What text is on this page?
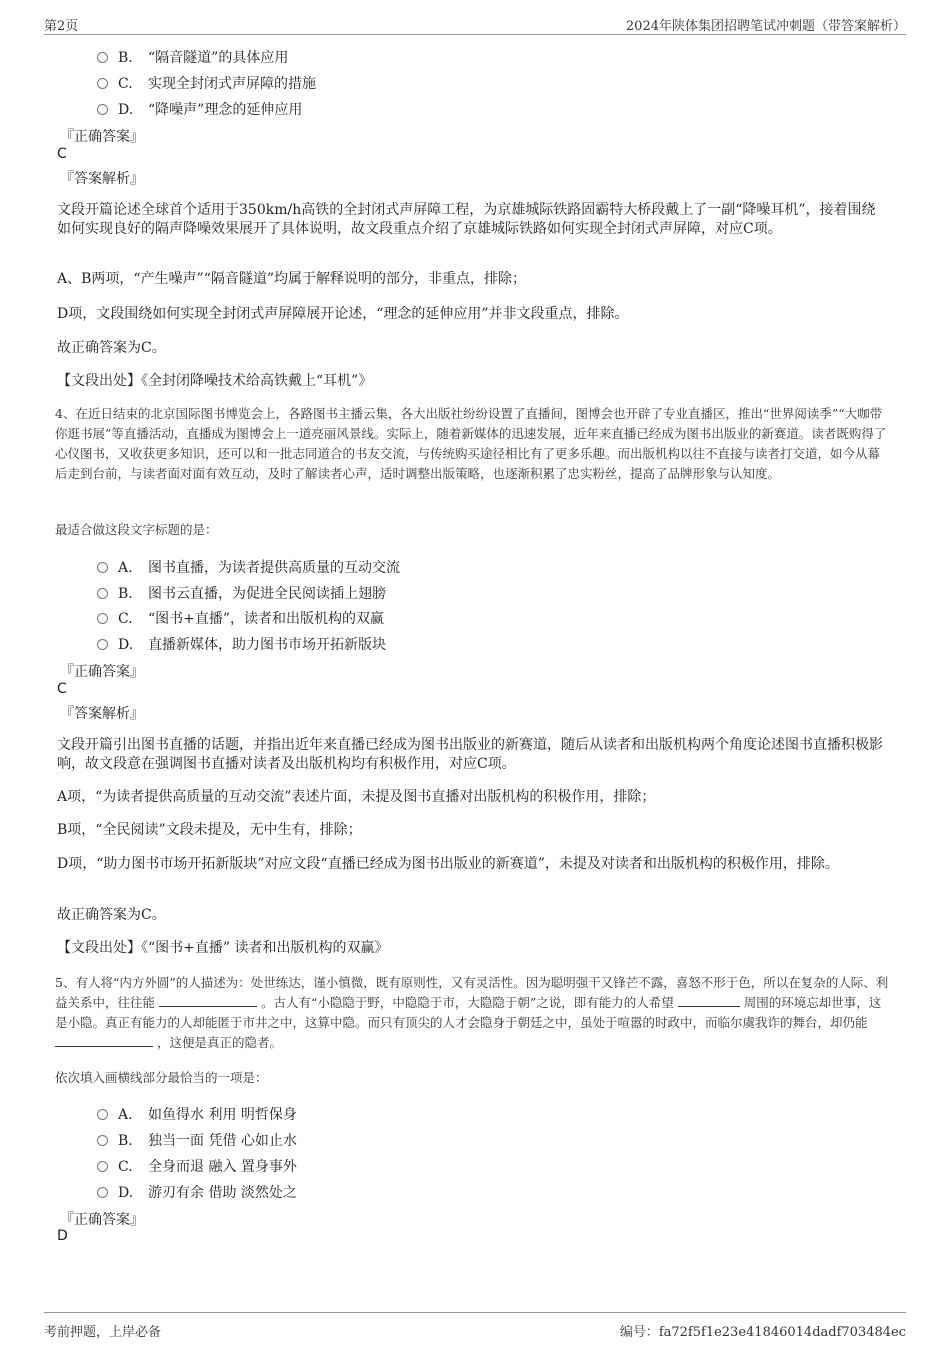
第2页	2024年陕体集团招聘笔试冲刺题（带答案解析）
B. “隔音隧道”的具体应用
C. 实现全封闭式声屏障的措施
D. “降噪声”理念的延伸应用
『正确答案』
C
『答案解析』
文段开篇论述全球首个适用于350km/h高铁的全封闭式声屏障工程，为京雄城际铁路固霸特大桥段戴上了一副“降噪耳机”，接着围绕如何实现良好的隔声降噪效果展开了具体说明，故文段重点介绍了京雄城际铁路如何实现全封闭式声屏障，对应C项。
A、B两项，“产生噪声”“隔音隧道”均属于解释说明的部分，非重点，排除；
D项，文段围绕如何实现全封闭式声屏障展开论述，“理念的延伸应用”并非文段重点，排除。
故正确答案为C。
【文段出处】《全封闭降噪技术给高铁戴上“耳机”》
4、在近日结束的北京国际图书博览会上，各路图书主播云集，各大出版社纷纷设置了直播间，图博会也开辟了专业直播区，推出“世界阅读季”“大咖带你逛书展”等直播活动，直播成为图博会上一道亮丽风景线。实际上，随着新媒体的迅速发展，近年来直播已经成为图书出版业的新赛道。读者既购得了心仪图书，又收获更多知识，还可以和一批志同道合的书友交流，与传统购买途径相比有了更多乐趣。而出版机构以往不直接与读者打交道，如今从幕后走到台前，与读者面对面有效互动，及时了解读者心声，适时调整出版策略，也逐渐积累了忠实粉丝，提高了品牌形象与认知度。
最适合做这段文字标题的是：
A. 图书直播，为读者提供高质量的互动交流
B. 图书云直播，为促进全民阅读插上翅膀
C. “图书+直播”，读者和出版机构的双赢
D. 直播新媒体，助力图书市场开拓新版块
『正确答案』
C
『答案解析』
文段开篇引出图书直播的话题，并指出近年来直播已经成为图书出版业的新赛道，随后从读者和出版机构两个角度论述图书直播积极影响，故文段意在强调图书直播对读者及出版机构均有积极作用，对应C项。
A项，“为读者提供高质量的互动交流”表述片面，未提及图书直播对出版机构的积极作用，排除；
B项，“全民阅读”文段未提及，无中生有，排除；
D项，“助力图书市场开拓新版块”对应文段“直播已经成为图书出版业的新赛道”，未提及对读者和出版机构的积极作用，排除。
故正确答案为C。
【文段出处】《“图书+直播” 读者和出版机构的双赢》
5、有人将“内方外圆”的人描述为：处世练达，谨小慎微，既有原则性，又有灵活性。因为聪明强干又锋芒不露，喜怒不形于色，所以在复杂的人际、利益关系中，往往能	。古人有“小隐隐于野，中隐隐于市，大隐隐于朝”之说，即有能力的人希望	周围的环境忘却世事，这是小隐。真正有能力的人却能匿于市井之中，这算中隐。而只有顶尖的人才会隐身于朝廷之中，虽处于喧嚣的时政中，而临尔虞我诈的舞台，却仍能  ，这便是真正的隐者。
依次填入画横线部分最恰当的一项是：
A. 如鱼得水 利用 明哲保身
B. 独当一面 凭借 心如止水
C. 全身而退 融入 置身事外
D. 游刃有余 借助 淡然处之
『正确答案』
D
考前押题，上岸必备	编号：fa72f5f1e23e41846014dadf703484ec
